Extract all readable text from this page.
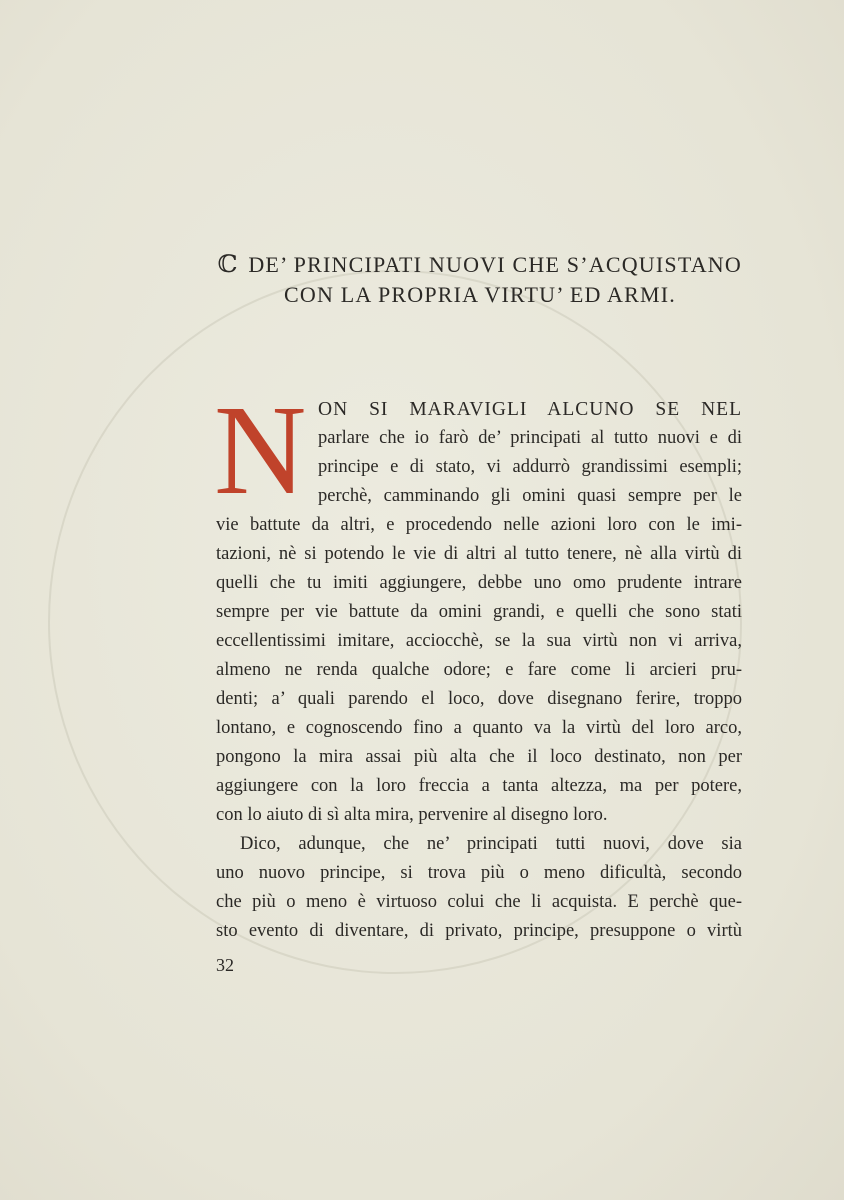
ℂ DE’ PRINCIPATI NUOVI CHE S’ACQUISTANO
CON LA PROPRIA VIRTU’ ED ARMI.
N ON SI MARAVIGLI ALCUNO SE NEL
parlare che io farò de’ principati al tutto nuovi e di
principe e di stato, vi addurrò grandissimi esempli;
perchè, camminando gli omini quasi sempre per le
vie battute da altri, e procedendo nelle azioni loro con le imi-
tazioni, nè si potendo le vie di altri al tutto tenere, nè alla virtù di
quelli che tu imiti aggiungere, debbe uno omo prudente intrare
sempre per vie battute da omini grandi, e quelli che sono stati
eccellentissimi imitare, acciocchè, se la sua virtù non vi arriva,
almeno ne renda qualche odore; e fare come li arcieri pru-
denti; a’ quali parendo el loco, dove disegnano ferire, troppo
lontano, e cognoscendo fino a quanto va la virtù del loro arco,
pongono la mira assai più alta che il loco destinato, non per
aggiungere con la loro freccia a tanta altezza, ma per potere,
con lo aiuto di sì alta mira, pervenire al disegno loro.
Dico, adunque, che ne’ principati tutti nuovi, dove sia
uno nuovo principe, si trova più o meno dificultà, secondo
che più o meno è virtuoso colui che li acquista. E perchè que-
sto evento di diventare, di privato, principe, presuppone o virtù
32
